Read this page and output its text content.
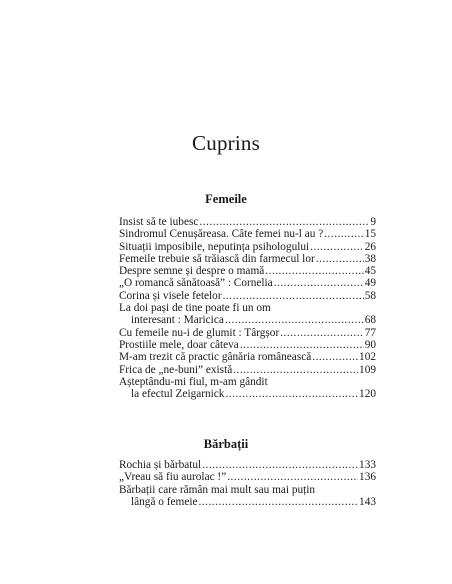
Cuprins
Femeile
Insist să te iubesc .....	9
Sindromul Cenușăreasa. Câte femei nu-l au ? .....	15
Situații imposibile, neputința psihologului .....	26
Femeile trebuie să trăiască din farmecul lor .....	38
Despre semne și despre o mamă .....	45
„O romancă sănătoasă” : Cornelia .....	49
Corina și visele fetelor .....	58
La doi pași de tine poate fi un om
interesant : Maricica .....	68
Cu femeile nu-i de glumit : Târgșor .....	77
Prostiile mele, doar câteva .....	90
M-am trezit că practic gânăria românească .....	102
Frica de „ne-buni” există .....	109
Așteptându-mi fiul, m-am gândit
la efectul Zeigarnick .....	120
Bărbații
Rochia și bărbatul .....	133
„Vreau să fiu aurolac !” .....	136
Bărbații care rămân mai mult sau mai puțin
lângă o femeie .....	143
